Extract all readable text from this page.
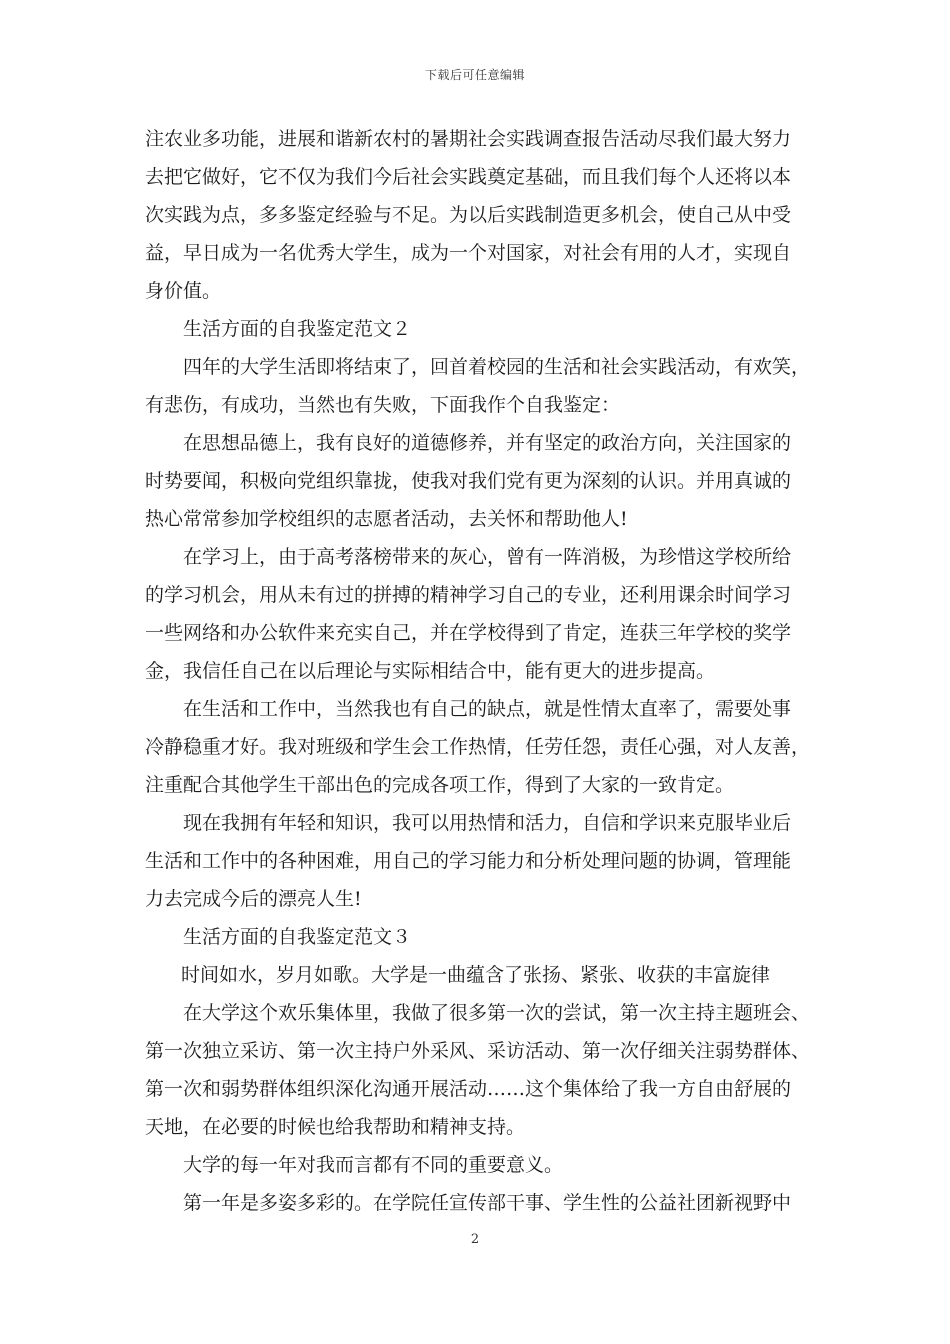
下载后可任意编辑
注农业多功能，进展和谐新农村的暑期社会实践调查报告活动尽我们最大努力
去把它做好，它不仅为我们今后社会实践奠定基础，而且我们每个人还将以本
次实践为点，多多鉴定经验与不足。为以后实践制造更多机会，使自己从中受
益，早日成为一名优秀大学生，成为一个对国家，对社会有用的人才，实现自
身价值。
生活方面的自我鉴定范文２
四年的大学生活即将结束了，回首着校园的生活和社会实践活动，有欢笑，
有悲伤，有成功，当然也有失败，下面我作个自我鉴定：
在思想品德上，我有良好的道德修养，并有坚定的政治方向，关注国家的
时势要闻，积极向党组织靠拢，使我对我们党有更为深刻的认识。并用真诚的
热心常常参加学校组织的志愿者活动，去关怀和帮助他人!
在学习上，由于高考落榜带来的灰心，曾有一阵消极，为珍惜这学校所给
的学习机会，用从未有过的拼搏的精神学习自己的专业，还利用课余时间学习
一些网络和办公软件来充实自己，并在学校得到了肯定，连获三年学校的奖学
金，我信任自己在以后理论与实际相结合中，能有更大的进步提高。
在生活和工作中，当然我也有自己的缺点，就是性情太直率了，需要处事
冷静稳重才好。我对班级和学生会工作热情，任劳任怨，责任心强，对人友善，
注重配合其他学生干部出色的完成各项工作，得到了大家的一致肯定。
现在我拥有年轻和知识，我可以用热情和活力，自信和学识来克服毕业后
生活和工作中的各种困难，用自己的学习能力和分析处理问题的协调，管理能
力去完成今后的漂亮人生!
生活方面的自我鉴定范文３
时间如水，岁月如歌。大学是一曲蕴含了张扬、紧张、收获的丰富旋律
在大学这个欢乐集体里，我做了很多第一次的尝试，第一次主持主题班会、
第一次独立采访、第一次主持户外采风、采访活动、第一次仔细关注弱势群体、
第一次和弱势群体组织深化沟通开展活动……这个集体给了我一方自由舒展的
天地，在必要的时候也给我帮助和精神支持。
大学的每一年对我而言都有不同的重要意义。
第一年是多姿多彩的。在学院任宣传部干事、学生性的公益社团新视野中
2
